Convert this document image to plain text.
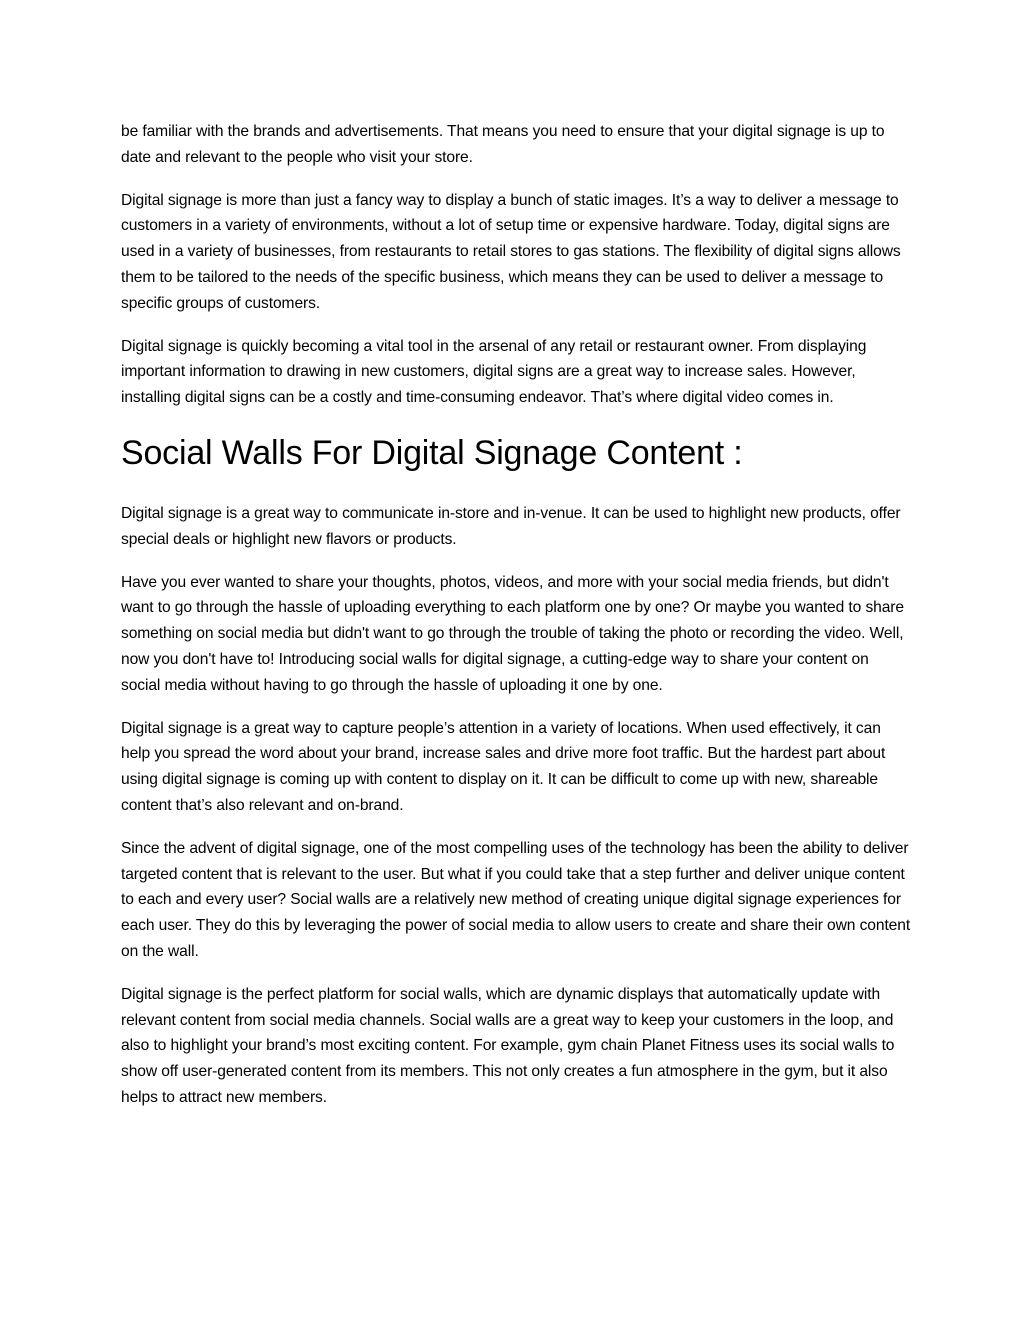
be familiar with the brands and advertisements. That means you need to ensure that your digital signage is up to date and relevant to the people who visit your store.

Digital signage is more than just a fancy way to display a bunch of static images. It’s a way to deliver a message to customers in a variety of environments, without a lot of setup time or expensive hardware. Today, digital signs are used in a variety of businesses, from restaurants to retail stores to gas stations. The flexibility of digital signs allows them to be tailored to the needs of the specific business, which means they can be used to deliver a message to specific groups of customers.

Digital signage is quickly becoming a vital tool in the arsenal of any retail or restaurant owner. From displaying important information to drawing in new customers, digital signs are a great way to increase sales. However, installing digital signs can be a costly and time-consuming endeavor. That’s where digital video comes in.

Social Walls For Digital Signage Content :

Digital signage is a great way to communicate in-store and in-venue. It can be used to highlight new products, offer special deals or highlight new flavors or products.

Have you ever wanted to share your thoughts, photos, videos, and more with your social media friends, but didn't want to go through the hassle of uploading everything to each platform one by one? Or maybe you wanted to share something on social media but didn't want to go through the trouble of taking the photo or recording the video. Well, now you don't have to! Introducing social walls for digital signage, a cutting-edge way to share your content on social media without having to go through the hassle of uploading it one by one.

Digital signage is a great way to capture people’s attention in a variety of locations. When used effectively, it can help you spread the word about your brand, increase sales and drive more foot traffic. But the hardest part about using digital signage is coming up with content to display on it. It can be difficult to come up with new, shareable content that’s also relevant and on-brand.

Since the advent of digital signage, one of the most compelling uses of the technology has been the ability to deliver targeted content that is relevant to the user. But what if you could take that a step further and deliver unique content to each and every user? Social walls are a relatively new method of creating unique digital signage experiences for each user. They do this by leveraging the power of social media to allow users to create and share their own content on the wall.

Digital signage is the perfect platform for social walls, which are dynamic displays that automatically update with relevant content from social media channels. Social walls are a great way to keep your customers in the loop, and also to highlight your brand’s most exciting content. For example, gym chain Planet Fitness uses its social walls to show off user-generated content from its members. This not only creates a fun atmosphere in the gym, but it also helps to attract new members.
